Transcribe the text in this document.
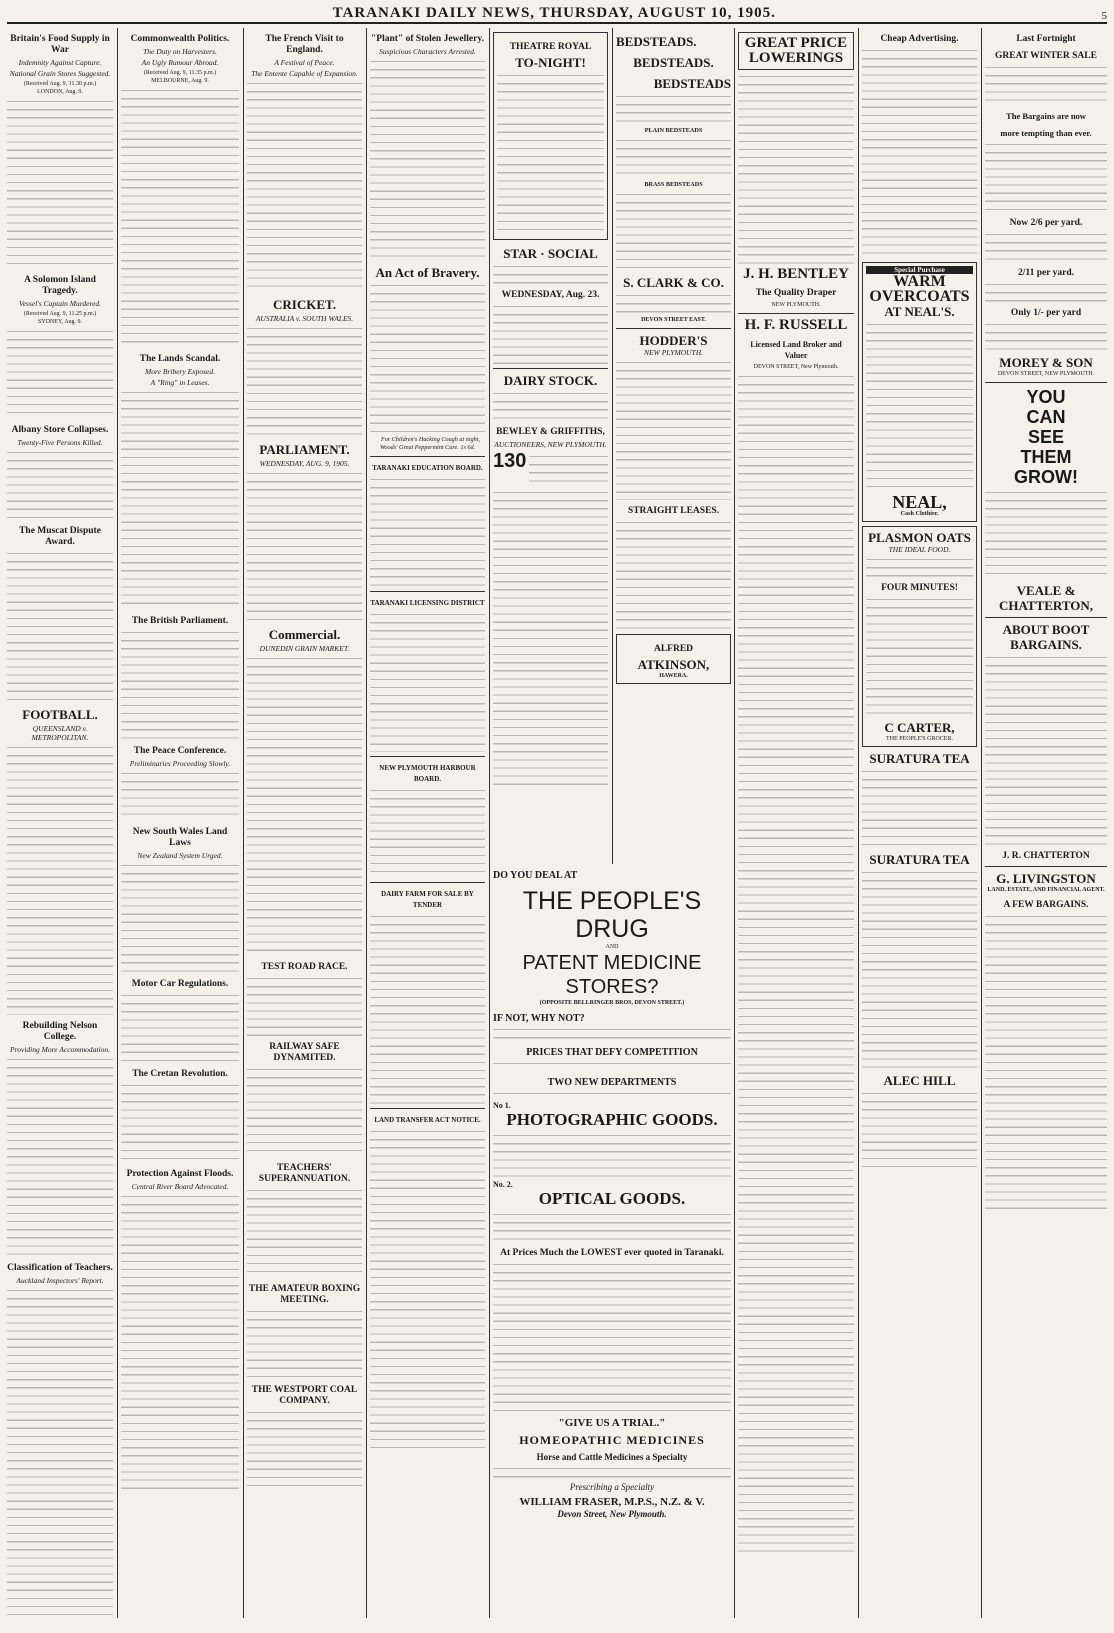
TARANAKI DAILY NEWS, THURSDAY, AUGUST 10, 1905.	5
Britain's Food Supply in War
Indemnity Against Capture.
National Grain Stores Suggested.
(Received Aug. 9, 11.30 p.m.)
LONDON, Aug. 9.
A Solomon Island Tragedy.
Vessel's Captain Murdered.
(Received Aug. 9, 11.25 p.m.)
SYDNEY, Aug. 9.
Albany Store Collapses.
Twenty-Five Persons Killed.
The Muscat Dispute Award.
FOOTBALL.
QUEENSLAND v. METROPOLITAN.
Rebuilding Nelson College.
Providing More Accommodation.
Classification of Teachers.
Auckland Inspectors' Report.
Commonwealth Politics.
The Duty on Harvesters.
An Ugly Rumour Abroad.
(Received Aug. 9, 11.35 p.m.)
MELBOURNE, Aug. 9.
The Lands Scandal.
More Bribery Exposed.
A "Ring" in Leases.
The British Parliament.
The Peace Conference.
Preliminaries Proceeding Slowly.
New South Wales Land Laws
New Zealand System Urged.
Motor Car Regulations.
The Cretan Revolution.
Protection Against Floods.
Central River Board Advocated.
The French Visit to England.
A Festival of Peace.
The Entente Capable of Expansion.
CRICKET.
AUSTRALIA v. SOUTH WALES.
PARLIAMENT.
WEDNESDAY, AUG. 9, 1905.
Commercial.
DUNEDIN GRAIN MARKET.
TEST ROAD RACE.
RAILWAY SAFE DYNAMITED.
TEACHERS' SUPERANNUATION.
THE AMATEUR BOXING MEETING.
THE WESTPORT COAL COMPANY.
"Plant" of Stolen Jewellery.
Suspicious Characters Arrested.
An Act of Bravery.
For Children's Hacking Cough at night, Woods' Great Peppermint Cure. 1s 6d.
TARANAKI EDUCATION BOARD.
TARANAKI LICENSING DISTRICT
NEW PLYMOUTH HARBOUR BOARD.
DAIRY FARM FOR SALE BY TENDER
LAND TRANSFER ACT NOTICE.
THEATRE ROYAL
TO-NIGHT!
STAR · SOCIAL
WEDNESDAY, Aug. 23.
DAIRY STOCK.
BEWLEY & GRIFFITHS,
AUCTIONEERS, NEW PLYMOUTH.
130
BEDSTEADS.
BEDSTEADS.
BEDSTEADS
PLAIN BEDSTEADS
BRASS BEDSTEADS
S. CLARK & CO.
DEVON STREET EAST.
HODDER'S
NEW PLYMOUTH.
STRAIGHT LEASES.
ALFRED
ATKINSON,
HAWERA.
DO YOU DEAL AT
THE PEOPLE'S DRUG
AND
PATENT MEDICINE STORES?
(OPPOSITE BELLRINGER BROS, DEVON STREET.)
IF NOT, WHY NOT?
PRICES THAT DEFY COMPETITION
TWO NEW DEPARTMENTS
No 1.
PHOTOGRAPHIC GOODS.
No. 2.
OPTICAL GOODS.
At Prices Much the LOWEST ever quoted in Taranaki.
"GIVE US A TRIAL."
HOMEOPATHIC MEDICINES
Horse and Cattle Medicines a Specialty
Prescribing a Specialty
WILLIAM FRASER, M.P.S., N.Z. & V.
Devon Street, New Plymouth.
GREAT PRICE
LOWERINGS
J. H. BENTLEY
The Quality Draper
NEW PLYMOUTH.
H. F. RUSSELL
Licensed Land Broker and Valuer
DEVON STREET, New Plymouth.
Cheap Advertising.
Special Purchase
WARM
OVERCOATS
AT NEAL'S.
NEAL,
Cash Clothier.
PLASMON OATS
THE IDEAL FOOD.
FOUR MINUTES!
C CARTER,
THE PEOPLE'S GROCER.
SURATURA TEA
SURATURA TEA
ALEC HILL
Last Fortnight
GREAT WINTER SALE
The Bargains are now
more tempting than ever.
Now 2/6 per yard.
2/11 per yard.
Only 1/- per yard
MOREY & SON
DEVON STREET, NEW PLYMOUTH.
YOU
CAN
SEE
THEM
GROW!
VEALE &
CHATTERTON,
ABOUT BOOT BARGAINS.
J. R. CHATTERTON
G. LIVINGSTON
LAND, ESTATE, AND FINANCIAL AGENT.
A FEW BARGAINS.
